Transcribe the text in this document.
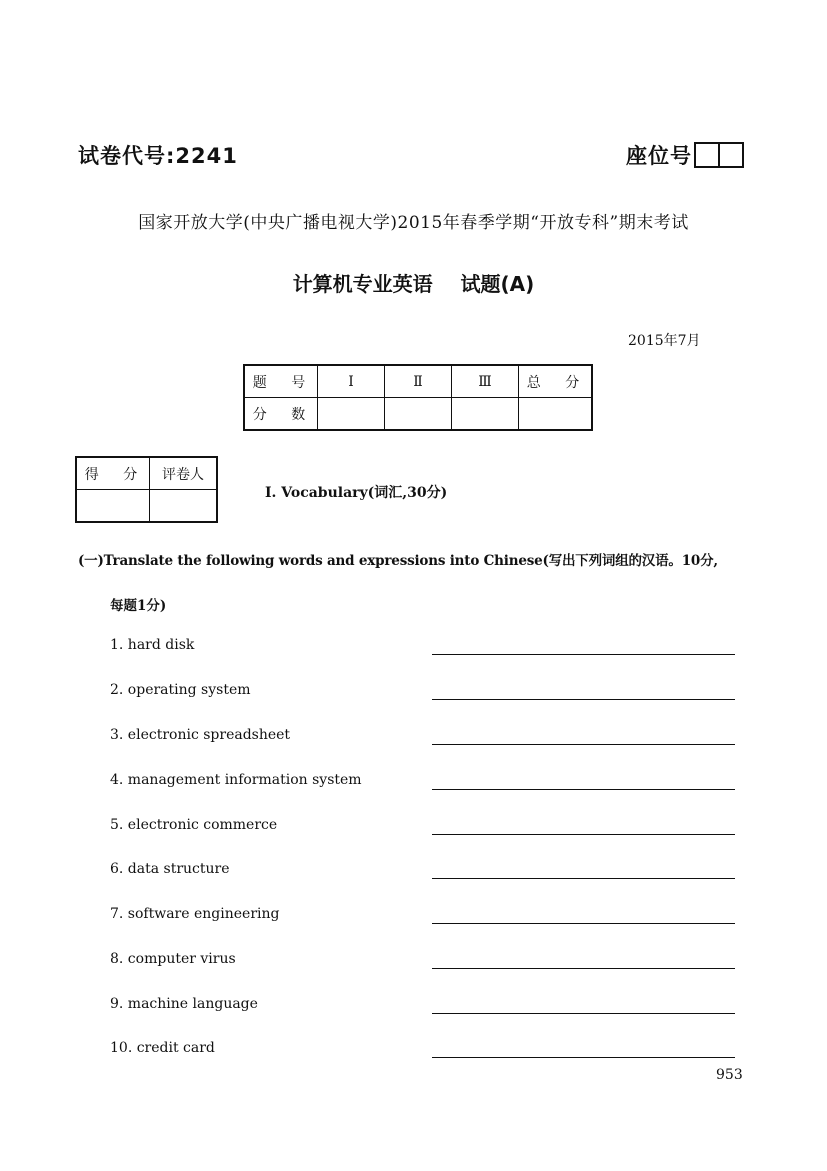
试卷代号:2241	座位号
国家开放大学(中央广播电视大学)2015年春季学期“开放专科”期末考试
计算机专业英语    试题(A)
2015年7月
题 号	Ⅰ	Ⅱ	Ⅲ	总 分
分 数				
得 分	评卷人

Ⅰ. Vocabulary(词汇,30分)
(一)Translate the following words and expressions into Chinese(写出下列词组的汉语。10分,
每题1分)
1. hard disk
2. operating system
3. electronic spreadsheet
4. management information system
5. electronic commerce
6. data structure
7. software engineering
8. computer virus
9. machine language
10. credit card
953
